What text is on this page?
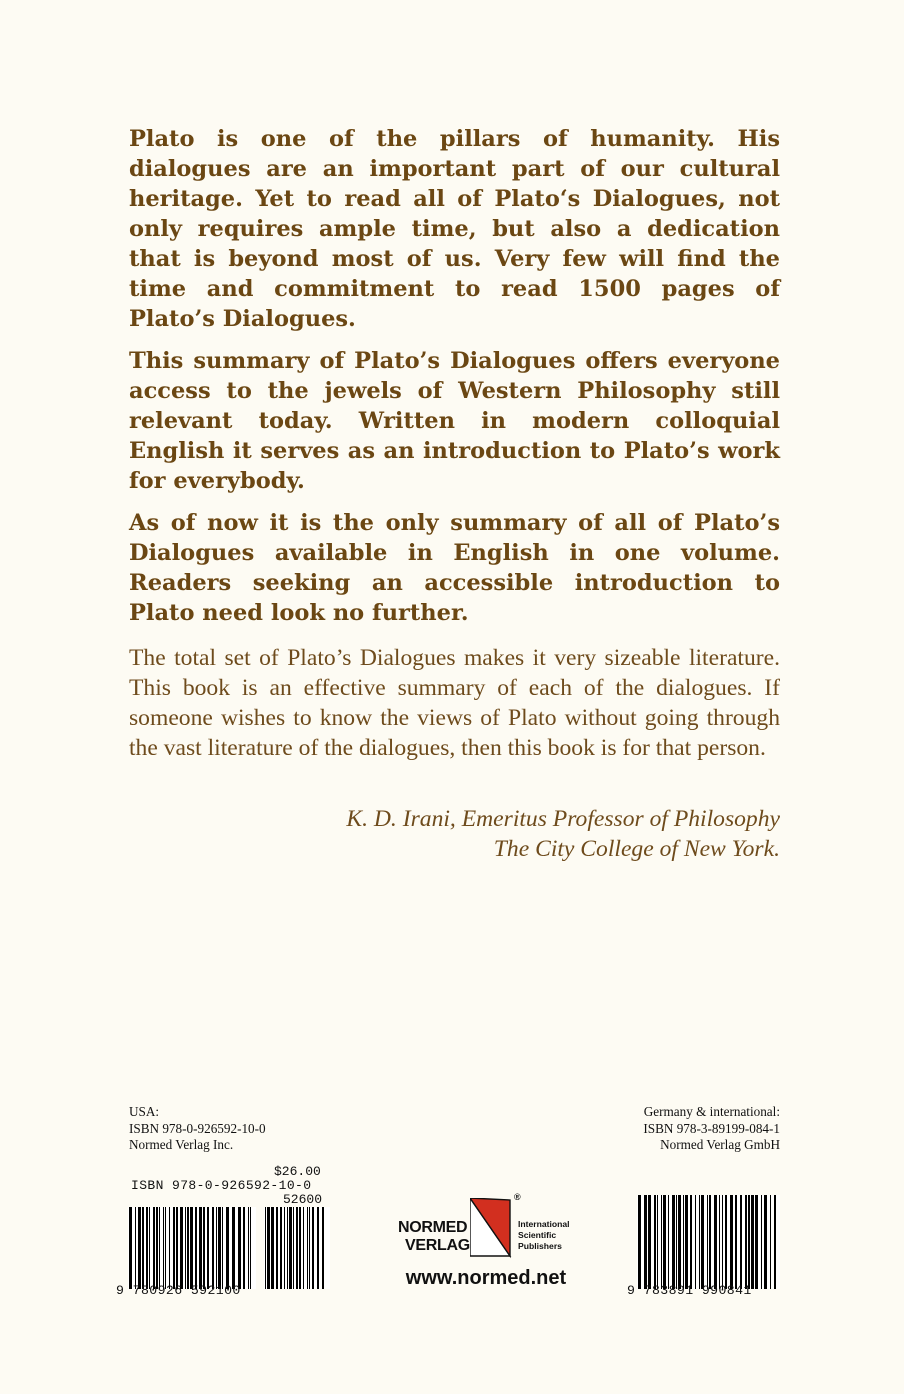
Plato is one of the pillars of humanity. His dialogues are an important part of our cultural heritage. Yet to read all of Plato‘s Dialogues, not only requires ample time, but also a dedication that is beyond most of us. Very few will find the time and commitment to read 1500 pages of Plato’s Dialogues.

This summary of Plato’s Dialogues offers everyone access to the jewels of Western Philosophy still relevant today. Written in modern colloquial English it serves as an introduction to Plato’s work for everybody.

As of now it is the only summary of all of Plato’s Dialogues available in English in one volume. Readers seeking an accessible introduction to Plato need look no further.

The total set of Plato’s Dialogues makes it very sizeable literature. This book is an effective summary of each of the dialogues. If someone wishes to know the views of Plato without going through the vast literature of the dialogues, then this book is for that person.

K. D. Irani, Emeritus Professor of Philosophy
The City College of New York.
USA:
ISBN 978-0-926592-10-0
Normed Verlag Inc.
Germany & international:
ISBN 978-3-89199-084-1
Normed Verlag GmbH
$26.00
ISBN 978-0-926592-10-0
52600
9 780926 592100
NORMED
VERLAG
®
International
Scientific
Publishers
www.normed.net
9 783891 990841
